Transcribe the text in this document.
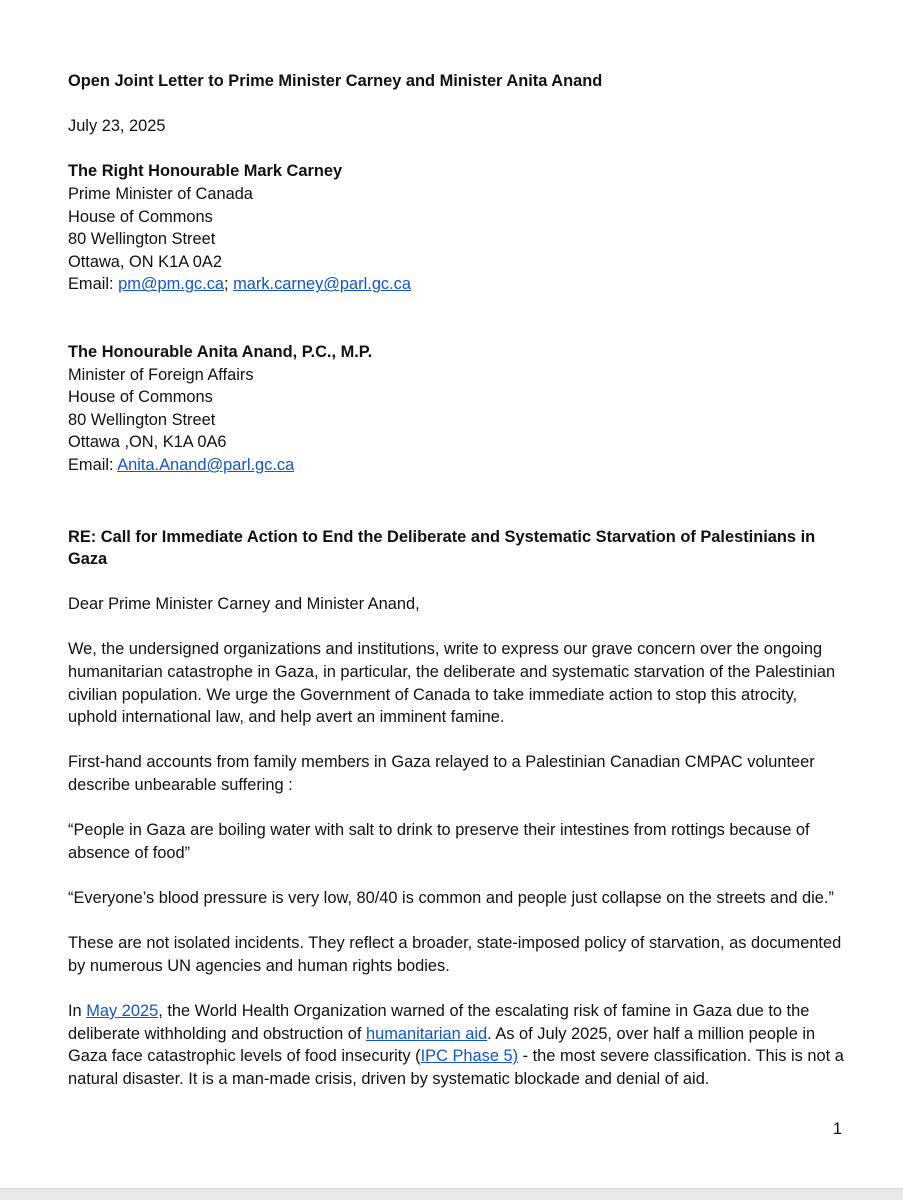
Open Joint Letter to Prime Minister Carney and Minister Anita Anand

July 23, 2025

The Right Honourable Mark Carney
Prime Minister of Canada
House of Commons
80 Wellington Street
Ottawa, ON K1A 0A2
Email: pm@pm.gc.ca; mark.carney@parl.gc.ca
The Honourable Anita Anand, P.C., M.P.
Minister of Foreign Affairs
House of Commons
80 Wellington Street
Ottawa ,ON, K1A 0A6
Email: Anita.Anand@parl.gc.ca

RE: Call for Immediate Action to End the Deliberate and Systematic Starvation of Palestinians in Gaza

Dear Prime Minister Carney and Minister Anand,

We, the undersigned organizations and institutions, write to express our grave concern over the ongoing humanitarian catastrophe in Gaza, in particular, the deliberate and systematic starvation of the Palestinian civilian population. We urge the Government of Canada to take immediate action to stop this atrocity, uphold international law, and help avert an imminent famine.

First-hand accounts from family members in Gaza relayed to a Palestinian Canadian CMPAC volunteer describe unbearable suffering :

“People in Gaza are boiling water with salt to drink to preserve their intestines from rottings because of absence of food”

“Everyone’s blood pressure is very low, 80/40 is common and people just collapse on the streets and die.”

These are not isolated incidents. They reflect a broader, state-imposed policy of starvation, as documented by numerous UN agencies and human rights bodies.

In May 2025, the World Health Organization warned of the escalating risk of famine in Gaza due to the deliberate withholding and obstruction of humanitarian aid. As of July 2025, over half a million people in Gaza face catastrophic levels of food insecurity (IPC Phase 5) - the most severe classification. This is not a natural disaster. It is a man-made crisis, driven by systematic blockade and denial of aid.

1
